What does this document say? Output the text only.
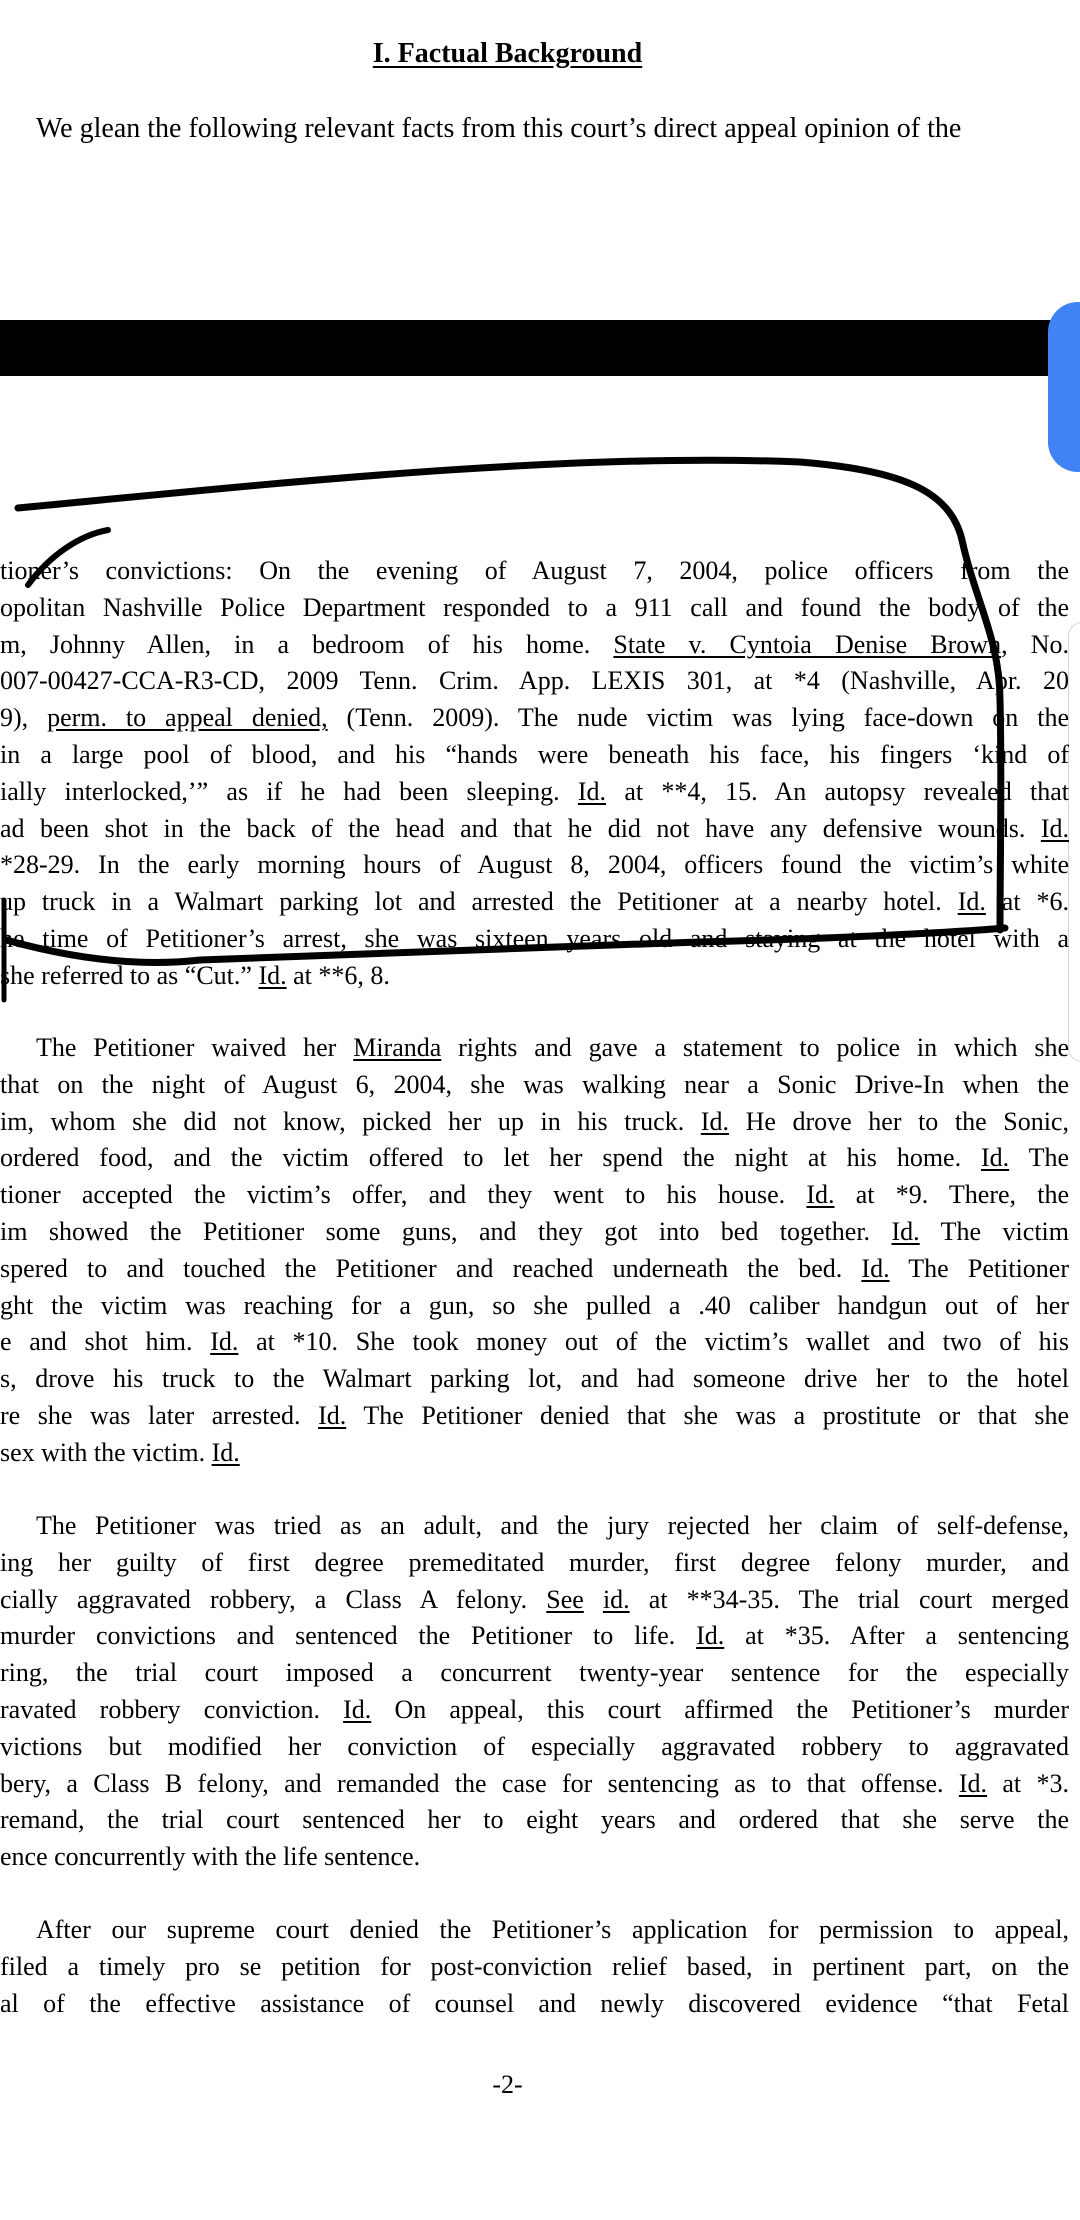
I. Factual Background

We glean the following relevant facts from this court’s direct appeal opinion of the

tioner’s convictions: On the evening of August 7, 2004, police officers from the
opolitan Nashville Police Department responded to a 911 call and found the body of the
m, Johnny Allen, in a bedroom of his home. State v. Cyntoia Denise Brown, No.
007-00427-CCA-R3-CD, 2009 Tenn. Crim. App. LEXIS 301, at *4 (Nashville, Apr. 20
9), perm. to appeal denied, (Tenn. 2009). The nude victim was lying face-down on the
in a large pool of blood, and his “hands were beneath his face, his fingers ‘kind of
ially interlocked,’” as if he had been sleeping. Id. at **4, 15. An autopsy revealed that
ad been shot in the back of the head and that he did not have any defensive wounds. Id.
*28-29. In the early morning hours of August 8, 2004, officers found the victim’s white
up truck in a Walmart parking lot and arrested the Petitioner at a nearby hotel. Id. at *6.
he time of Petitioner’s arrest, she was sixteen years old and staying at the hotel with a
she referred to as “Cut.” Id. at **6, 8.
The Petitioner waived her Miranda rights and gave a statement to police in which she
that on the night of August 6, 2004, she was walking near a Sonic Drive-In when the
im, whom she did not know, picked her up in his truck. Id. He drove her to the Sonic,
ordered food, and the victim offered to let her spend the night at his home. Id. The
tioner accepted the victim’s offer, and they went to his house. Id. at *9. There, the
im showed the Petitioner some guns, and they got into bed together. Id. The victim
spered to and touched the Petitioner and reached underneath the bed. Id. The Petitioner
ght the victim was reaching for a gun, so she pulled a .40 caliber handgun out of her
e and shot him. Id. at *10. She took money out of the victim’s wallet and two of his
s, drove his truck to the Walmart parking lot, and had someone drive her to the hotel
re she was later arrested. Id. The Petitioner denied that she was a prostitute or that she
sex with the victim. Id.
The Petitioner was tried as an adult, and the jury rejected her claim of self-defense,
ing her guilty of first degree premeditated murder, first degree felony murder, and
cially aggravated robbery, a Class A felony. See id. at **34-35. The trial court merged
murder convictions and sentenced the Petitioner to life. Id. at *35. After a sentencing
ring, the trial court imposed a concurrent twenty-year sentence for the especially
ravated robbery conviction. Id. On appeal, this court affirmed the Petitioner’s murder
victions but modified her conviction of especially aggravated robbery to aggravated
bery, a Class B felony, and remanded the case for sentencing as to that offense. Id. at *3.
remand, the trial court sentenced her to eight years and ordered that she serve the
ence concurrently with the life sentence.
After our supreme court denied the Petitioner’s application for permission to appeal,
filed a timely pro se petition for post-conviction relief based, in pertinent part, on the
al of the effective assistance of counsel and newly discovered evidence “that Fetal
-2-
